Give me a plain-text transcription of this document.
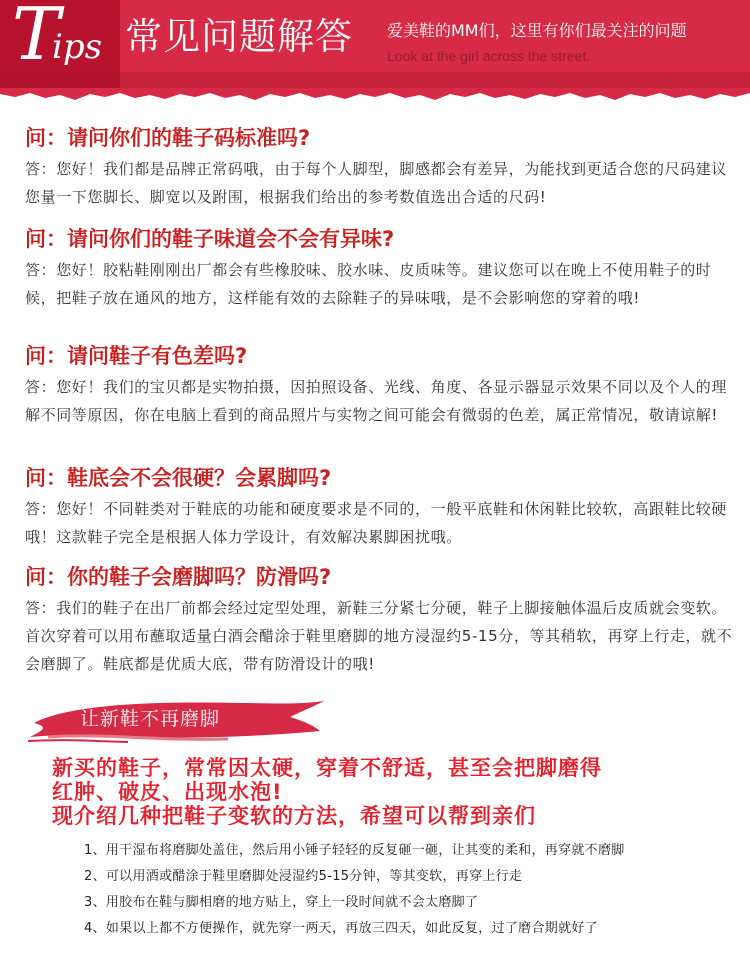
T
ips 常见问题解答 爱美鞋的MM们，这里有你们最关注的问题
Look at the girl across the street.

问：请问你们的鞋子码标准吗?

答：您好！我们都是品牌正常码哦，由于每个人脚型，脚感都会有差异，为能找到更适合您的尺码建议您量一下您脚长、脚宽以及跗围，根据我们给出的参考数值选出合适的尺码!

问：请问你们的鞋子味道会不会有异味?

答：您好！胶粘鞋刚刚出厂都会有些橡胶味、胶水味、皮质味等。建议您可以在晚上不使用鞋子的时候，把鞋子放在通风的地方，这样能有效的去除鞋子的异味哦，是不会影响您的穿着的哦!

问：请问鞋子有色差吗?

答：您好！我们的宝贝都是实物拍摄，因拍照设备、光线、角度、各显示器显示效果不同以及个人的理解不同等原因，你在电脑上看到的商品照片与实物之间可能会有微弱的色差，属正常情况，敬请谅解!

问：鞋底会不会很硬？会累脚吗?

答：您好！不同鞋类对于鞋底的功能和硬度要求是不同的，一般平底鞋和休闲鞋比较软，高跟鞋比较硬哦！这款鞋子完全是根据人体力学设计，有效解决累脚困扰哦。

问：你的鞋子会磨脚吗？防滑吗?

答：我们的鞋子在出厂前都会经过定型处理，新鞋三分紧七分硬，鞋子上脚接触体温后皮质就会变软。首次穿着可以用布蘸取适量白酒会醋涂于鞋里磨脚的地方浸湿约5-15分，等其稍软，再穿上行走，就不会磨脚了。鞋底都是优质大底，带有防滑设计的哦!

让新鞋不再磨脚

新买的鞋子，常常因太硬，穿着不舒适，甚至会把脚磨得

红肿、破皮、出现水泡!

现介绍几种把鞋子变软的方法，希望可以帮到亲们

1、用干湿布将磨脚处盖住，然后用小锤子轻轻的反复砸一砸，让其变的柔和，再穿就不磨脚
2、可以用酒或醋涂于鞋里磨脚处浸湿约5-15分钟，等其变软，再穿上行走
3、用胶布在鞋与脚相磨的地方贴上，穿上一段时间就不会太磨脚了
4、如果以上都不方便操作，就先穿一两天，再放三四天，如此反复，过了磨合期就好了
